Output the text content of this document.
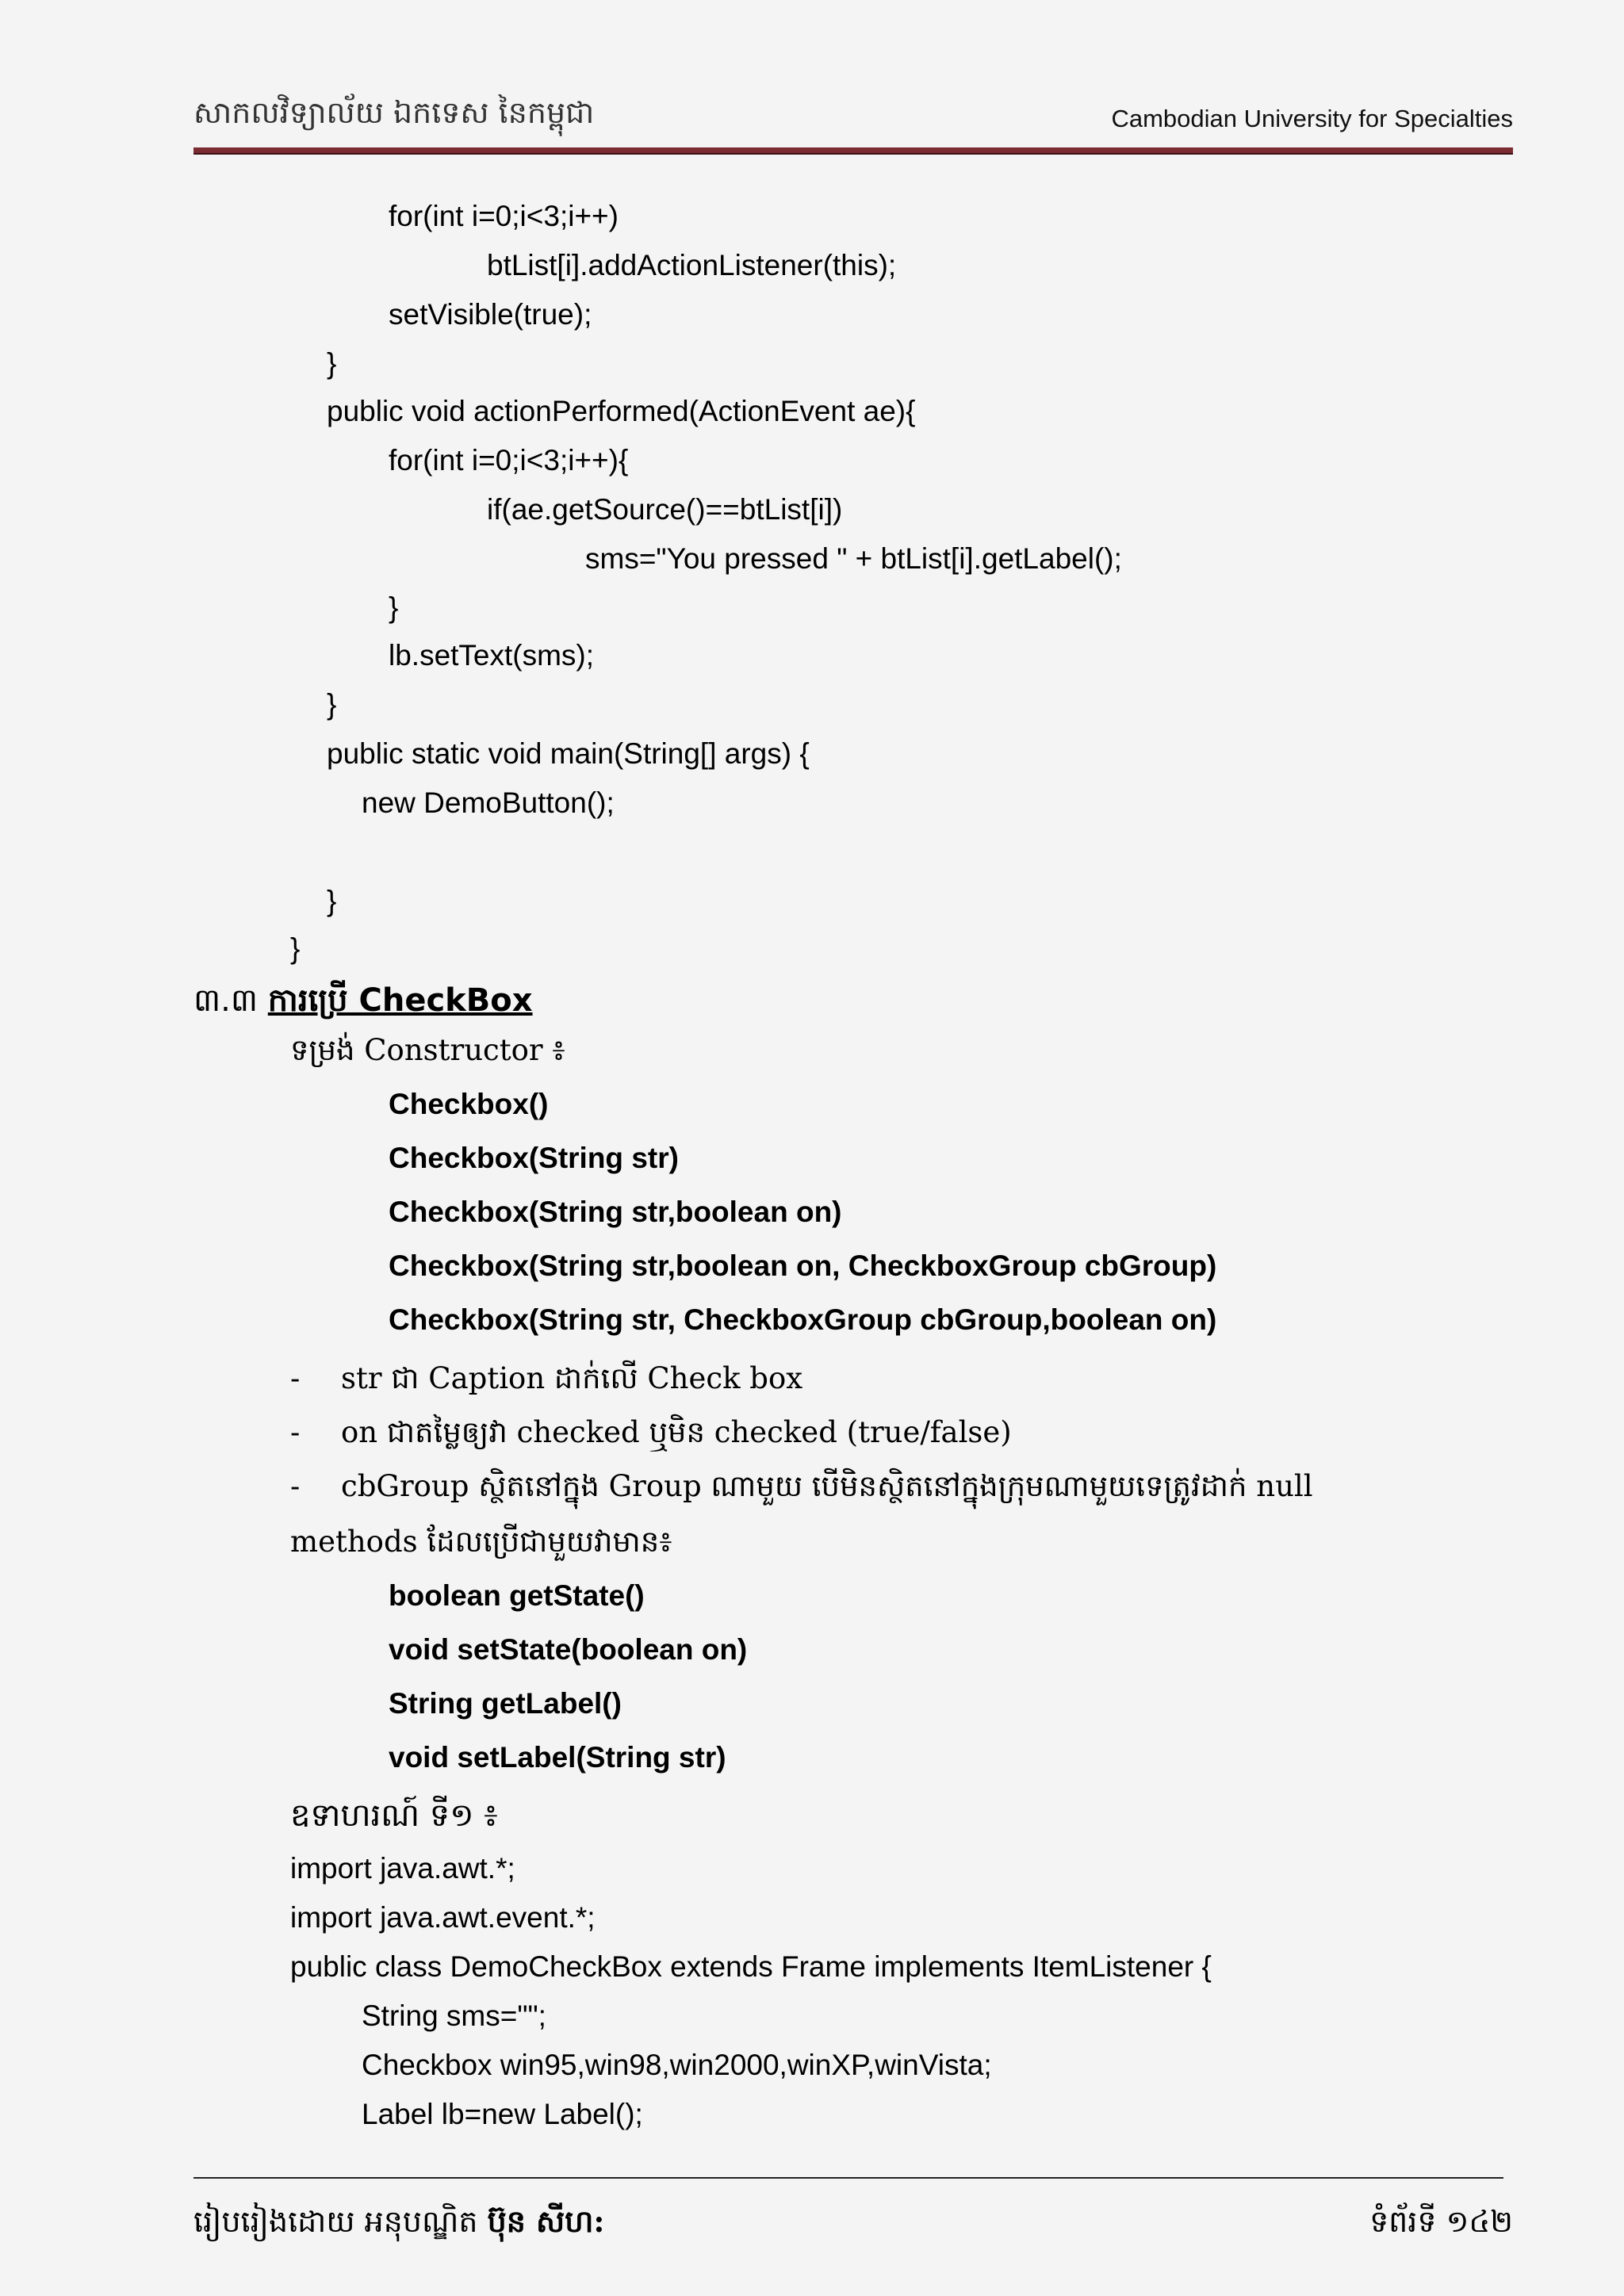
សាកលវិទ្យាល័យ ឯកទេស នៃកម្ពុជា	Cambodian University for Specialties
for(int i=0;i<3;i++)
btList[i].addActionListener(this);
setVisible(true);
}
public void actionPerformed(ActionEvent ae){
for(int i=0;i<3;i++){
if(ae.getSource()==btList[i])
sms="You pressed " + btList[i].getLabel();
}
lb.setText(sms);
}
public static void main(String[] args) {
new DemoButton();
}
}
៣.៣ ការប្រើ CheckBox
ទម្រង់ Constructor ៖
Checkbox()
Checkbox(String str)
Checkbox(String str,boolean on)
Checkbox(String str,boolean on, CheckboxGroup cbGroup)
Checkbox(String str, CheckboxGroup cbGroup,boolean on)
- str ជា Caption ដាក់លើ Check box
- on ជាតម្លៃឲ្យវា checked ឬមិន checked (true/false)
- cbGroup ស្ថិតនៅក្នុង Group ណាមួយ បើមិនស្ថិតនៅក្នុងក្រុមណាមួយទេត្រូវដាក់ null
methods ដែលប្រើជាមួយវាមាន៖
boolean getState()
void setState(boolean on)
String getLabel()
void setLabel(String str)
ឧទាហរណ៍ ទី១ ៖
import java.awt.*;
import java.awt.event.*;
public class DemoCheckBox extends Frame implements ItemListener {
String sms="";
Checkbox win95,win98,win2000,winXP,winVista;
Label lb=new Label();
រៀបរៀងដោយ អនុបណ្ឌិត ប៊ុន សីហ:	ទំព័រទី ១៤២
